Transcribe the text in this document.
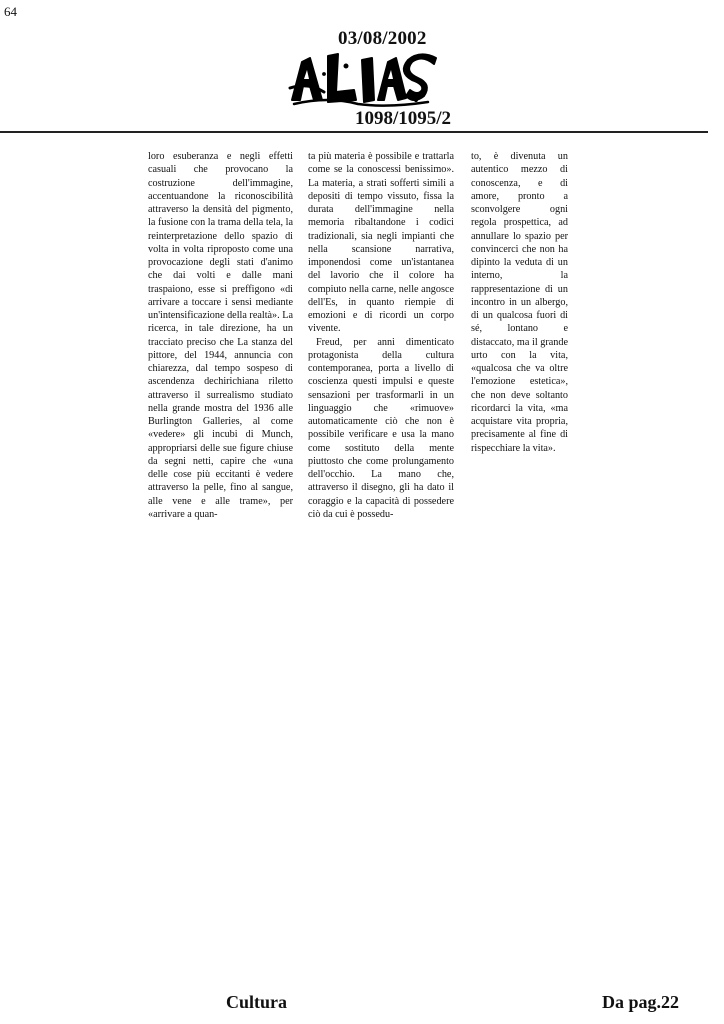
64
03/08/2002
ALIAS
1098/1095/2

loro esuberanza e negli effetti casuali che provocano la costruzione dell'immagine, accentuandone la riconoscibilità attraverso la densità del pigmento, la fusione con la trama della tela, la reinterpretazione dello spazio di volta in volta riproposto come una provocazione degli stati d'animo che dai volti e dalle mani traspaiono, esse si preffigono «di arrivare a toccare i sensi mediante un'intensificazione della realtà». La ricerca, in tale direzione, ha un tracciato preciso che La stanza del pittore, del 1944, annuncia con chiarezza, dal tempo sospeso di ascendenza dechirichiana riletto attraverso il surrealismo studiato nella grande mostra del 1936 alle Burlington Galleries, al come «vedere» gli incubi di Munch, appropriarsi delle sue figure chiuse da segni netti, capire che «una delle cose più eccitanti è vedere attraverso la pelle, fino al sangue, alle vene e alle trame», per «arrivare a quan-

ta più materia è possibile e trattarla come se la conoscessi benissimo». La materia, a strati sofferti simili a depositi di tempo vissuto, fissa la durata dell'immagine nella memoria ribaltandone i codici tradizionali, sia negli impianti che nella scansione narrativa, imponendosi come un'istantanea del lavorio che il colore ha compiuto nella carne, nelle angosce dell'Es, in quanto riempie di emozioni e di ricordi un corpo vivente.

Freud, per anni dimenticato protagonista della cultura contemporanea, porta a livello di coscienza questi impulsi e queste sensazioni per trasformarli in un linguaggio che «rimuove» automaticamente ciò che non è possibile verificare e usa la mano come sostituto della mente piuttosto che come prolungamento dell'occhio. La mano che, attraverso il disegno, gli ha dato il coraggio e la capacità di possedere ciò da cui è possedu-

to, è divenuta un autentico mezzo di conoscenza, e di amore, pronto a sconvolgere ogni regola prospettica, ad annullare lo spazio per convincerci che non ha dipinto la veduta di un interno, la rappresentazione di un incontro in un albergo, di un qualcosa fuori di sé, lontano e distaccato, ma il grande urto con la vita, «qualcosa che va oltre l'emozione estetica», che non deve soltanto ricordarci la vita, «ma acquistare vita propria, precisamente al fine di rispecchiare la vita».

Cultura	Da pag.22
